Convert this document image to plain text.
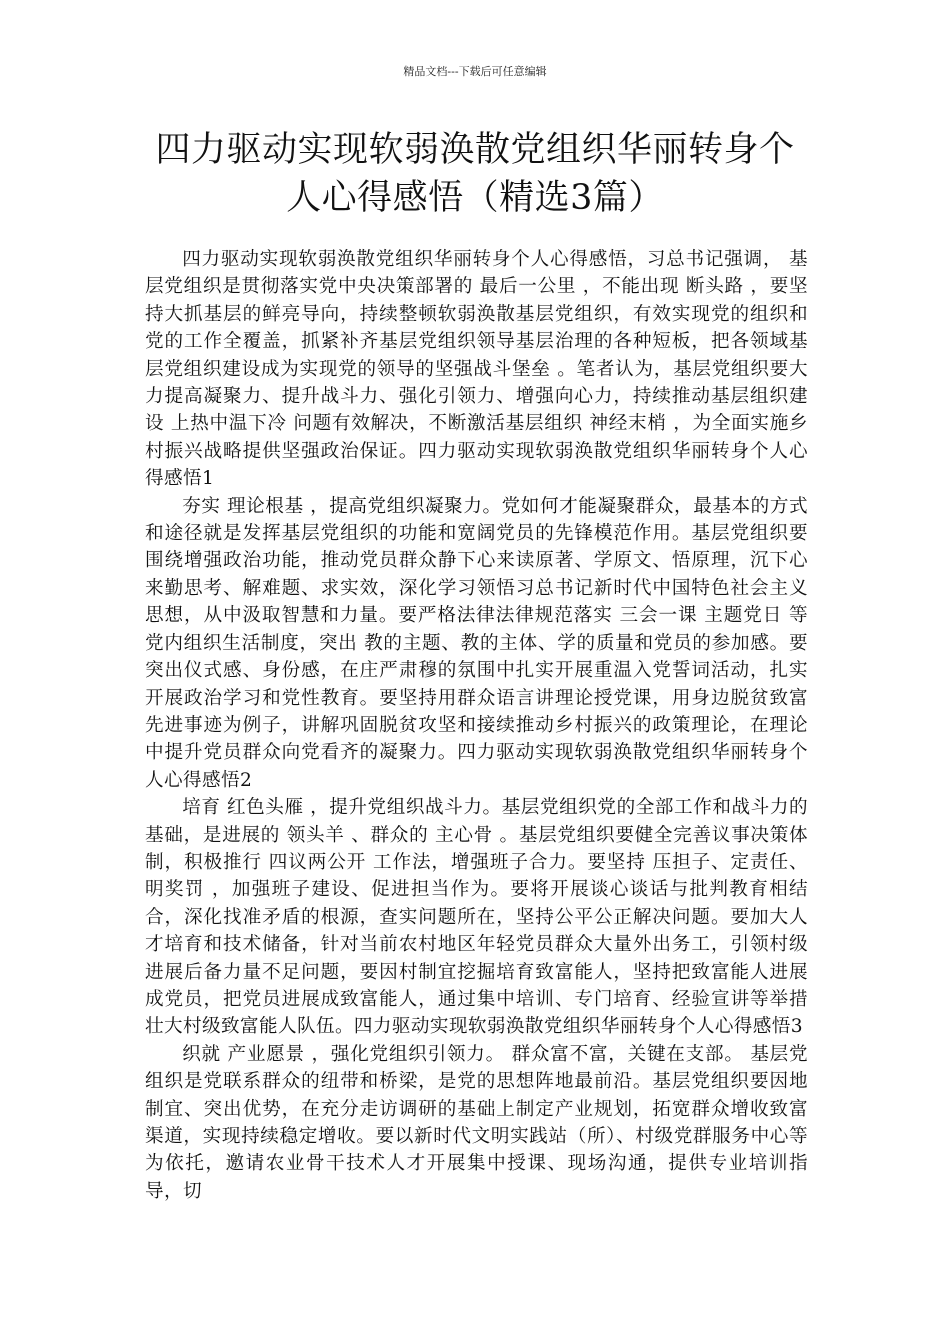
精品文档---下载后可任意编辑
四力驱动实现软弱涣散党组织华丽转身个人心得感悟（精选3篇）

四力驱动实现软弱涣散党组织华丽转身个人心得感悟，习总书记强调， 基层党组织是贯彻落实党中央决策部署的 最后一公里 ，不能出现 断头路 ，要坚持大抓基层的鲜亮导向，持续整顿软弱涣散基层党组织，有效实现党的组织和党的工作全覆盖，抓紧补齐基层党组织领导基层治理的各种短板，把各领域基层党组织建设成为实现党的领导的坚强战斗堡垒 。笔者认为，基层党组织要大力提高凝聚力、提升战斗力、强化引领力、增强向心力，持续推动基层组织建设 上热中温下冷 问题有效解决，不断激活基层组织 神经末梢 ，为全面实施乡村振兴战略提供坚强政治保证。四力驱动实现软弱涣散党组织华丽转身个人心得感悟1

夯实 理论根基 ，提高党组织凝聚力。党如何才能凝聚群众，最基本的方式和途径就是发挥基层党组织的功能和宽阔党员的先锋模范作用。基层党组织要围绕增强政治功能，推动党员群众静下心来读原著、学原文、悟原理，沉下心来勤思考、解难题、求实效，深化学习领悟习总书记新时代中国特色社会主义思想，从中汲取智慧和力量。要严格法律法律规范落实 三会一课 主题党日 等党内组织生活制度，突出 教的主题、教的主体、学的质量和党员的参加感。要突出仪式感、身份感，在庄严肃穆的氛围中扎实开展重温入党誓词活动，扎实开展政治学习和党性教育。要坚持用群众语言讲理论授党课，用身边脱贫致富先进事迹为例子，讲解巩固脱贫攻坚和接续推动乡村振兴的政策理论，在理论中提升党员群众向党看齐的凝聚力。四力驱动实现软弱涣散党组织华丽转身个人心得感悟2

培育 红色头雁 ，提升党组织战斗力。基层党组织党的全部工作和战斗力的基础，是进展的 领头羊 、群众的 主心骨 。基层党组织要健全完善议事决策体制，积极推行 四议两公开 工作法，增强班子合力。要坚持 压担子、定责任、明奖罚 ，加强班子建设、促进担当作为。要将开展谈心谈话与批判教育相结合，深化找准矛盾的根源，查实问题所在，坚持公平公正解决问题。要加大人才培育和技术储备，针对当前农村地区年轻党员群众大量外出务工，引领村级进展后备力量不足问题，要因村制宜挖掘培育致富能人，坚持把致富能人进展成党员，把党员进展成致富能人，通过集中培训、专门培育、经验宣讲等举措壮大村级致富能人队伍。四力驱动实现软弱涣散党组织华丽转身个人心得感悟3

织就 产业愿景 ，强化党组织引领力。 群众富不富，关键在支部。 基层党组织是党联系群众的纽带和桥梁，是党的思想阵地最前沿。基层党组织要因地制宜、突出优势，在充分走访调研的基础上制定产业规划，拓宽群众增收致富渠道，实现持续稳定增收。要以新时代文明实践站（所）、村级党群服务中心等为依托，邀请农业骨干技术人才开展集中授课、现场沟通，提供专业培训指导，切
